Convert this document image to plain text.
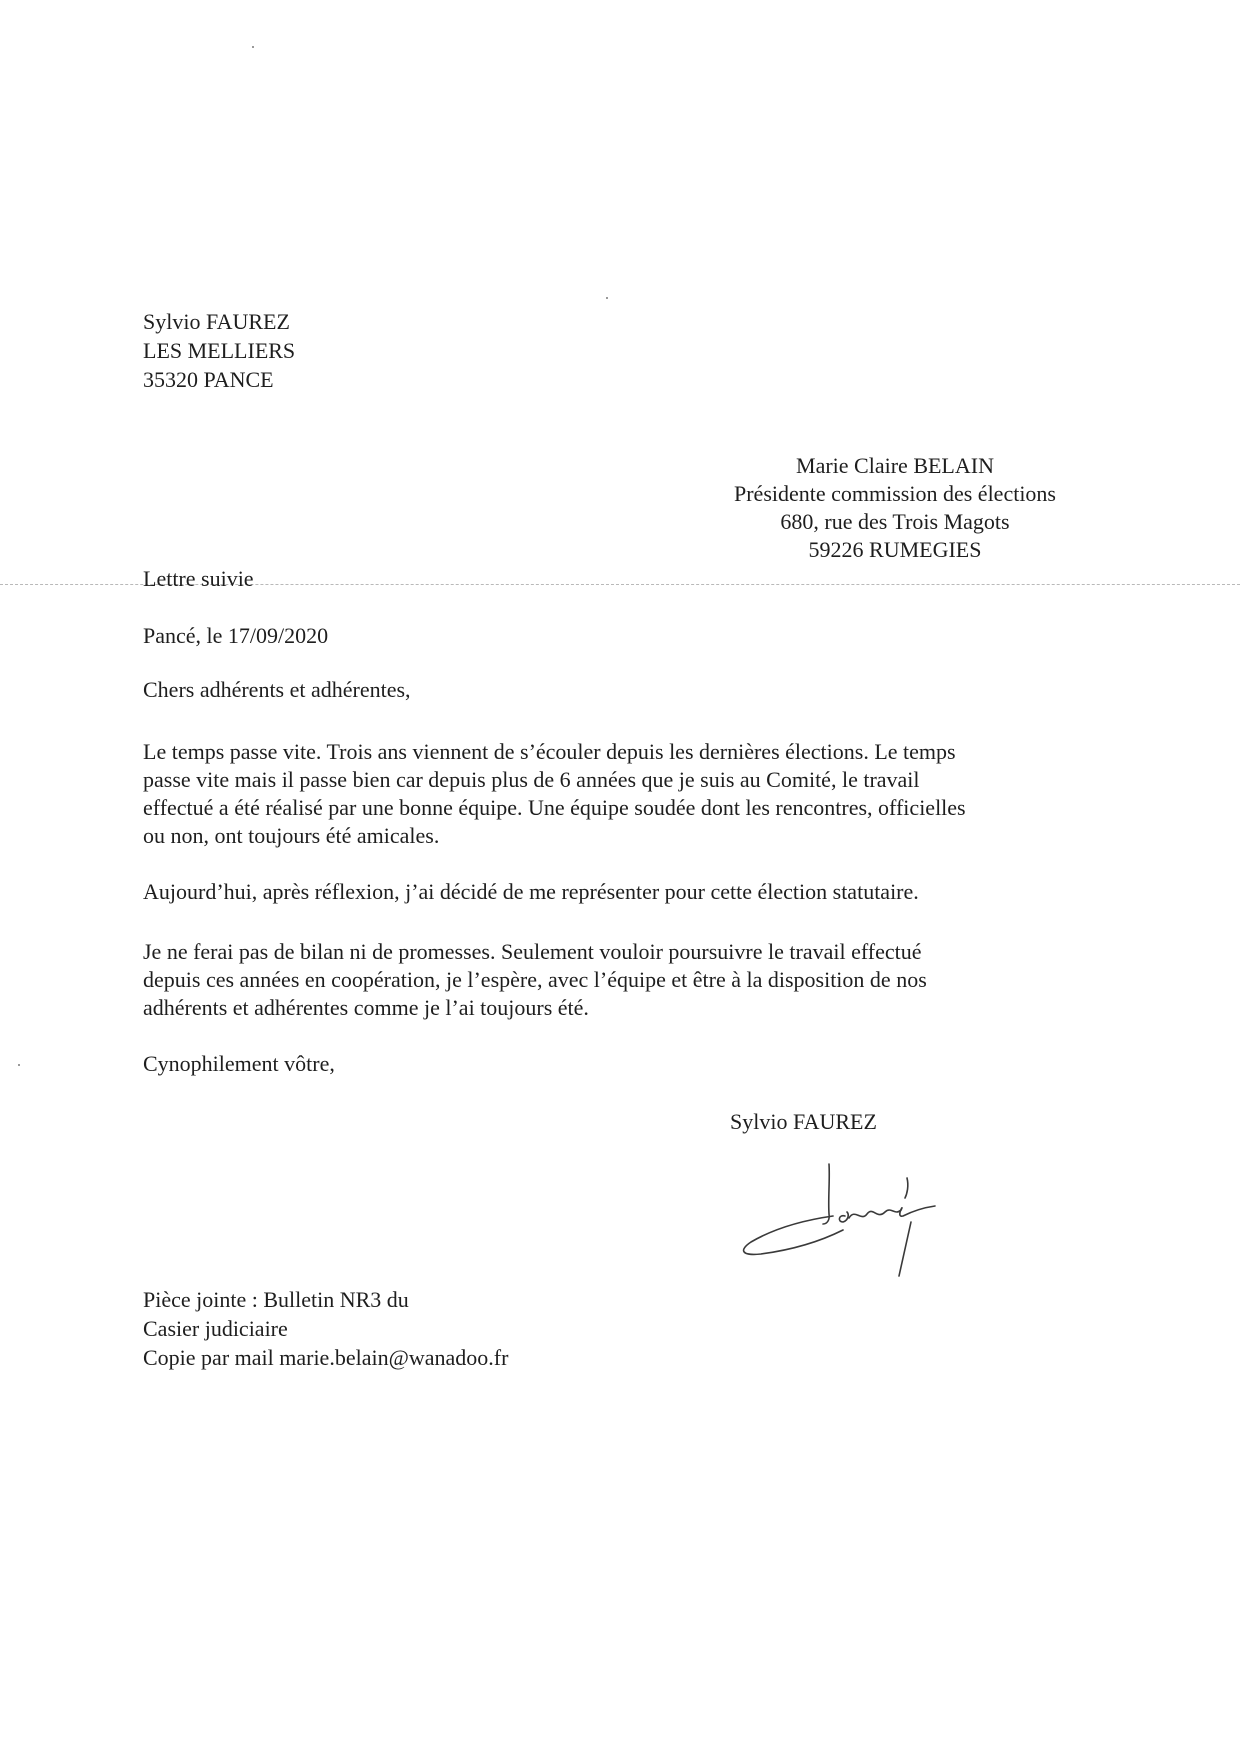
Sylvio FAUREZ
LES MELLIERS
35320 PANCE
Marie Claire BELAIN
Présidente commission des élections
680, rue des Trois Magots
59226 RUMEGIES
Lettre suivie
Pancé, le 17/09/2020
Chers adhérents et adhérentes,
Le temps passe vite. Trois ans viennent de s’écouler depuis les dernières élections. Le temps
passe vite mais il passe bien car depuis plus de 6 années que je suis au Comité, le travail
effectué a été réalisé par une bonne équipe. Une équipe soudée dont les rencontres, officielles
ou non, ont toujours été amicales.
Aujourd’hui, après réflexion, j’ai décidé de me représenter pour cette élection statutaire.
Je ne ferai pas de bilan ni de promesses. Seulement vouloir poursuivre le travail effectué
depuis ces années en coopération, je l’espère, avec l’équipe et être à la disposition de nos
adhérents et adhérentes comme je l’ai toujours été.
Cynophilement vôtre,
Sylvio FAUREZ
Pièce jointe : Bulletin NR3 du
Casier judiciaire
Copie par mail marie.belain@wanadoo.fr
